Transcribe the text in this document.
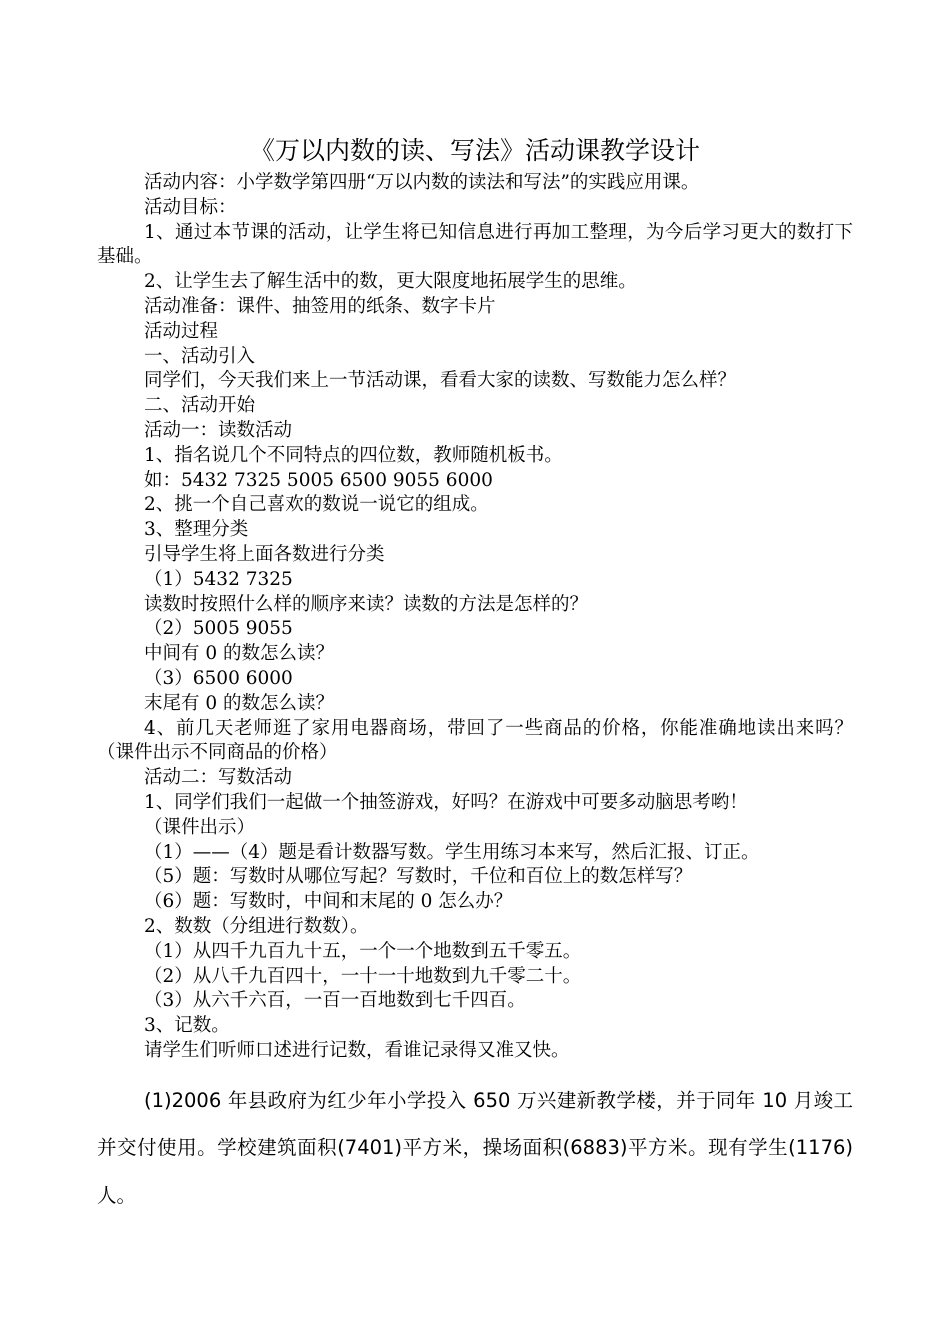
《万以内数的读、写法》活动课教学设计
活动内容：小学数学第四册“万以内数的读法和写法”的实践应用课。
活动目标：
1、通过本节课的活动，让学生将已知信息进行再加工整理，为今后学习更大的数打下基础。
2、让学生去了解生活中的数，更大限度地拓展学生的思维。
活动准备：课件、抽签用的纸条、数字卡片
活动过程
一、活动引入
同学们，今天我们来上一节活动课，看看大家的读数、写数能力怎么样？
二、活动开始
活动一：读数活动
1、指名说几个不同特点的四位数，教师随机板书。
如：5432 7325 5005 6500 9055 6000
2、挑一个自己喜欢的数说一说它的组成。
3、整理分类
引导学生将上面各数进行分类
（1）5432 7325
读数时按照什么样的顺序来读？读数的方法是怎样的？
（2）5005 9055
中间有 0 的数怎么读？
（3）6500 6000
末尾有 0 的数怎么读？
4、前几天老师逛了家用电器商场，带回了一些商品的价格，你能准确地读出来吗？（课件出示不同商品的价格）
活动二：写数活动
1、同学们我们一起做一个抽签游戏，好吗？在游戏中可要多动脑思考哟！
（课件出示）
（1）——（4）题是看计数器写数。学生用练习本来写，然后汇报、订正。
（5）题：写数时从哪位写起？写数时，千位和百位上的数怎样写？
（6）题：写数时，中间和末尾的 0 怎么办？
2、数数（分组进行数数）。
（1）从四千九百九十五，一个一个地数到五千零五。
（2）从八千九百四十，一十一十地数到九千零二十。
（3）从六千六百，一百一百地数到七千四百。
3、记数。
请学生们听师口述进行记数，看谁记录得又准又快。

(1)2006 年县政府为红少年小学投入 650 万兴建新教学楼，并于同年 10 月竣工并交付使用。学校建筑面积(7401)平方米，操场面积(6883)平方米。现有学生(1176)人。
